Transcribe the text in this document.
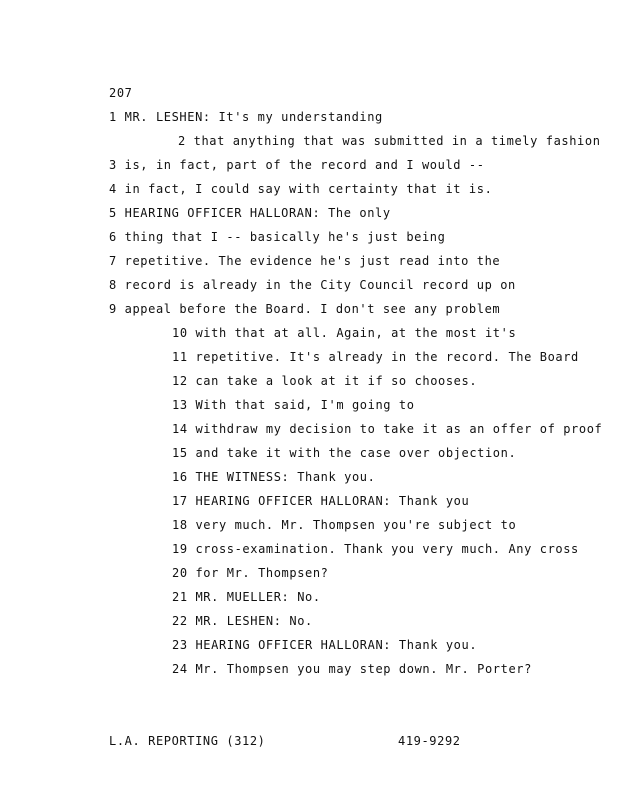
207
1 MR. LESHEN: It's my understanding
2 that anything that was submitted in a timely fashion
3 is, in fact, part of the record and I would --
4 in fact, I could say with certainty that it is.
5 HEARING OFFICER HALLORAN: The only
6 thing that I -- basically he's just being
7 repetitive. The evidence he's just read into the
8 record is already in the City Council record up on
9 appeal before the Board. I don't see any problem
10 with that at all. Again, at the most it's
11 repetitive. It's already in the record. The Board
12 can take a look at it if so chooses.
13 With that said, I'm going to
14 withdraw my decision to take it as an offer of proof
15 and take it with the case over objection.
16 THE WITNESS: Thank you.
17 HEARING OFFICER HALLORAN: Thank you
18 very much. Mr. Thompsen you're subject to
19 cross-examination. Thank you very much. Any cross
20 for Mr. Thompsen?
21 MR. MUELLER: No.
22 MR. LESHEN: No.
23 HEARING OFFICER HALLORAN: Thank you.
24 Mr. Thompsen you may step down. Mr. Porter?
L.A. REPORTING (312)	419-9292
